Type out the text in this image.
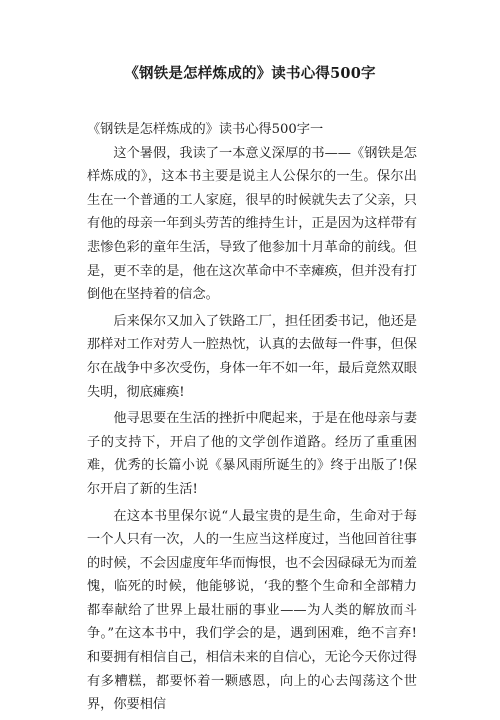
《钢铁是怎样炼成的》读书心得500字

《钢铁是怎样炼成的》读书心得500字一

这个暑假，我读了一本意义深厚的书——《钢铁是怎样炼成的》，这本书主要是说主人公保尔的一生。保尔出生在一个普通的工人家庭，很早的时候就失去了父亲，只有他的母亲一年到头劳苦的维持生计，正是因为这样带有悲惨色彩的童年生活，导致了他参加十月革命的前线。但是，更不幸的是，他在这次革命中不幸瘫痪，但并没有打倒他在坚持着的信念。

后来保尔又加入了铁路工厂，担任团委书记，他还是那样对工作对劳人一腔热忱，认真的去做每一件事，但保尔在战争中多次受伤，身体一年不如一年，最后竟然双眼失明，彻底瘫痪!

他寻思要在生活的挫折中爬起来，于是在他母亲与妻子的支持下，开启了他的文学创作道路。经历了重重困难，优秀的长篇小说《暴风雨所诞生的》终于出版了!保尔开启了新的生活!

在这本书里保尔说“人最宝贵的是生命，生命对于每一个人只有一次，人的一生应当这样度过，当他回首往事的时候，不会因虚度年华而悔恨，也不会因碌碌无为而羞愧，临死的时候，他能够说，‘我的整个生命和全部精力都奉献给了世界上最壮丽的事业——为人类的解放而斗争。”在这本书中，我们学会的是，遇到困难，绝不言弃!和要拥有相信自己，相信未来的自信心，无论今天你过得有多糟糕，都要怀着一颗感恩，向上的心去闯荡这个世界，你要相信
